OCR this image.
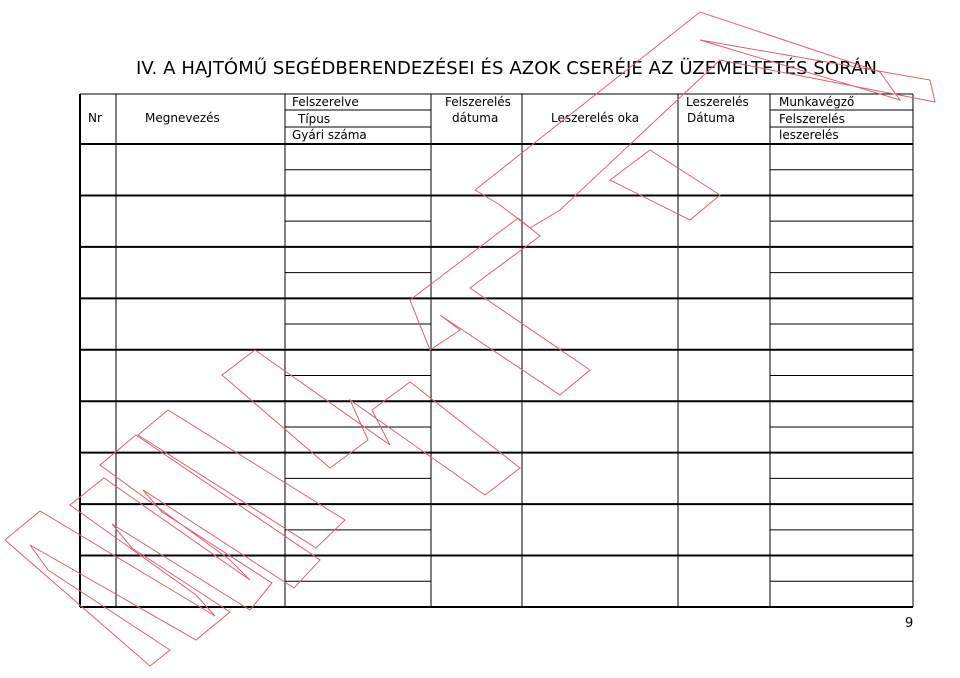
IV. A HAJTÓMŰ SEGÉDBERENDEZÉSEI ÉS AZOK CSERÉJE AZ ÜZEMELTETÉS SORÁN
Nr	Megnevezés
Felszerelve
Típus
Gyári száma
Felszerelés
dátuma	Leszerelés oka
Leszerelés
Dátuma
Munkavégző
Felszerelés
leszerelés
9
